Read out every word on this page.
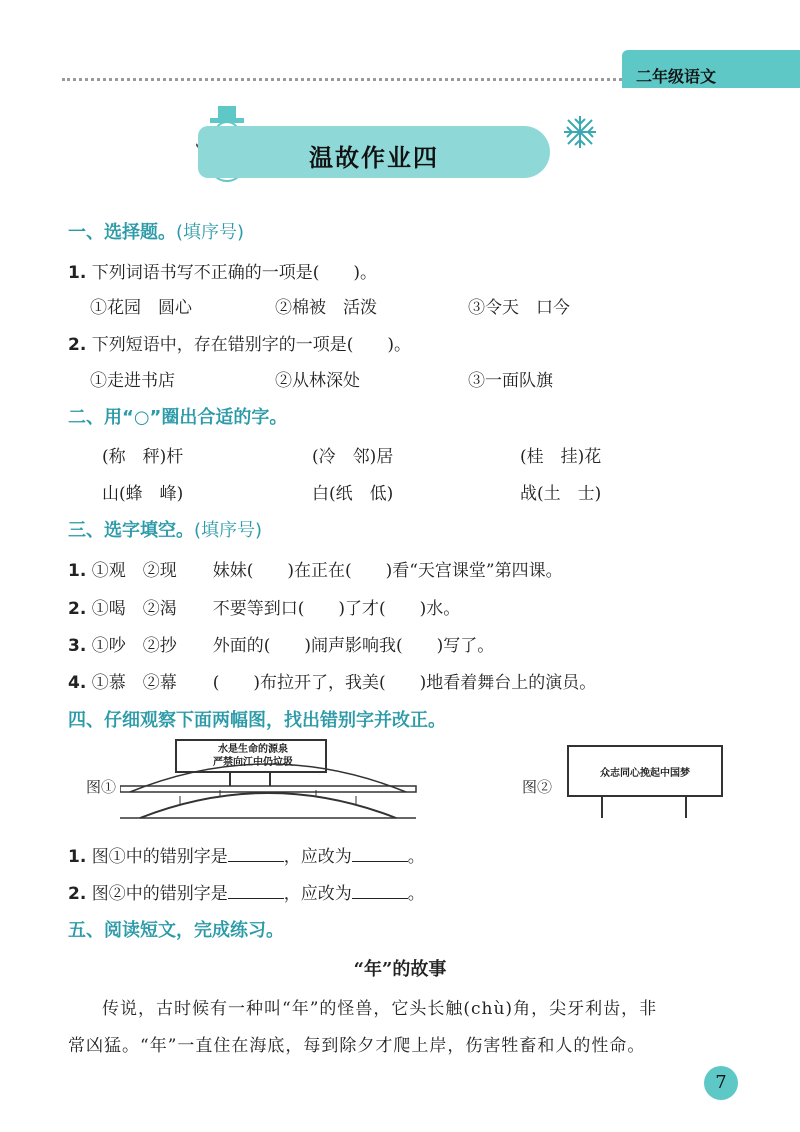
二年级语文
温故作业四
一、选择题。(填序号)
1. 下列词语书写不正确的一项是(　　)。
①花园　圆心	②棉被　活泼	③令天　口今
2. 下列短语中，存在错别字的一项是(　　)。
①走进书店	②从林深处	③一面队旗
二、用“○”圈出合适的字。
(称　秤)杆	(冷　邻)居	(桂　挂)花
山(蜂　峰)	白(纸　低)	战(土　士)
三、选字填空。(填序号)
1. ①观　②现 妹妹(　　)在正在(　　)看“天宫课堂”第四课。
2. ①喝　②渴 不要等到口(　　)了才(　　)水。
3. ①吵　②抄 外面的(　　)闹声影响我(　　)写了。
4. ①慕　②幕 (　　)布拉开了，我美(　　)地看着舞台上的演员。
四、仔细观察下面两幅图，找出错别字并改正。
图①
水是生命的源泉
严禁向江中仍垃圾
图②
众志同心挽起中国梦
1. 图①中的错别字是	，应改为	。
2. 图②中的错别字是	，应改为	。
五、阅读短文，完成练习。
“年”的故事
传说，古时候有一种叫“年”的怪兽，它头长触(chù)角，尖牙利齿，非
常凶猛。“年”一直住在海底，每到除夕才爬上岸，伤害牲畜和人的性命。
7
